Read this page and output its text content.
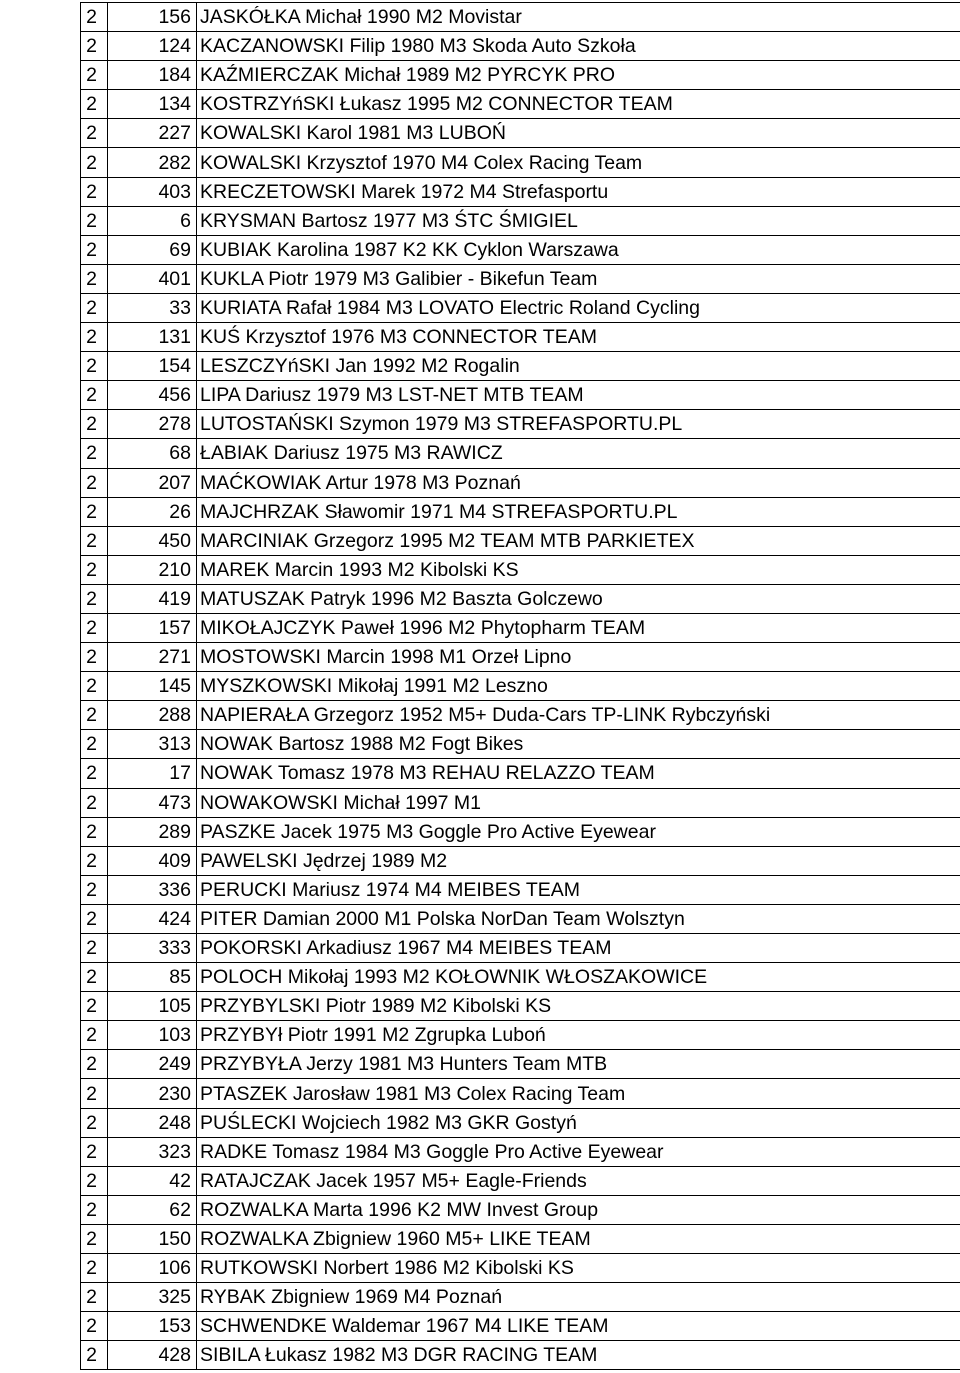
2	156	JASKÓŁKA Michał 1990 M2 Movistar
2	124	KACZANOWSKI Filip 1980 M3 Skoda Auto Szkoła
2	184	KAŹMIERCZAK Michał 1989 M2 PYRCYK PRO
2	134	KOSTRZYńSKI Łukasz 1995 M2 CONNECTOR TEAM
2	227	KOWALSKI Karol 1981 M3 LUBOŃ
2	282	KOWALSKI Krzysztof 1970 M4 Colex Racing Team
2	403	KRECZETOWSKI Marek 1972 M4 Strefasportu
2	6	KRYSMAN Bartosz 1977 M3 ŚTC ŚMIGIEL
2	69	KUBIAK Karolina 1987 K2 KK Cyklon Warszawa
2	401	KUKLA Piotr 1979 M3 Galibier - Bikefun Team
2	33	KURIATA Rafał 1984 M3 LOVATO Electric Roland Cycling
2	131	KUŚ Krzysztof 1976 M3 CONNECTOR TEAM
2	154	LESZCZYńSKI Jan 1992 M2 Rogalin
2	456	LIPA Dariusz 1979 M3 LST-NET MTB TEAM
2	278	LUTOSTAŃSKI Szymon 1979 M3 STREFASPORTU.PL
2	68	ŁABIAK Dariusz 1975 M3 RAWICZ
2	207	MAĆKOWIAK Artur 1978 M3 Poznań
2	26	MAJCHRZAK Sławomir 1971 M4 STREFASPORTU.PL
2	450	MARCINIAK Grzegorz 1995 M2 TEAM MTB PARKIETEX
2	210	MAREK Marcin 1993 M2 Kibolski KS
2	419	MATUSZAK Patryk 1996 M2 Baszta Golczewo
2	157	MIKOŁAJCZYK Paweł 1996 M2 Phytopharm TEAM
2	271	MOSTOWSKI Marcin 1998 M1 Orzeł Lipno
2	145	MYSZKOWSKI Mikołaj 1991 M2 Leszno
2	288	NAPIERAŁA Grzegorz 1952 M5+ Duda-Cars TP-LINK Rybczyński
2	313	NOWAK Bartosz 1988 M2 Fogt Bikes
2	17	NOWAK Tomasz 1978 M3 REHAU RELAZZO TEAM
2	473	NOWAKOWSKI Michał 1997 M1
2	289	PASZKE Jacek 1975 M3 Goggle Pro Active Eyewear
2	409	PAWELSKI Jędrzej 1989 M2
2	336	PERUCKI Mariusz 1974 M4 MEIBES TEAM
2	424	PITER Damian 2000 M1 Polska NorDan Team Wolsztyn
2	333	POKORSKI Arkadiusz 1967 M4 MEIBES TEAM
2	85	POLOCH Mikołaj 1993 M2 KOŁOWNIK WŁOSZAKOWICE
2	105	PRZYBYLSKI Piotr 1989 M2 Kibolski KS
2	103	PRZYBYł Piotr 1991 M2 Zgrupka Luboń
2	249	PRZYBYŁA Jerzy 1981 M3 Hunters Team MTB
2	230	PTASZEK Jarosław 1981 M3 Colex Racing Team
2	248	PUŚLECKI Wojciech 1982 M3 GKR Gostyń
2	323	RADKE Tomasz 1984 M3 Goggle Pro Active Eyewear
2	42	RATAJCZAK Jacek 1957 M5+ Eagle-Friends
2	62	ROZWALKA Marta 1996 K2 MW Invest Group
2	150	ROZWALKA Zbigniew 1960 M5+ LIKE TEAM
2	106	RUTKOWSKI Norbert 1986 M2 Kibolski KS
2	325	RYBAK Zbigniew 1969 M4 Poznań
2	153	SCHWENDKE Waldemar 1967 M4 LIKE TEAM
2	428	SIBILA Łukasz 1982 M3 DGR RACING TEAM
